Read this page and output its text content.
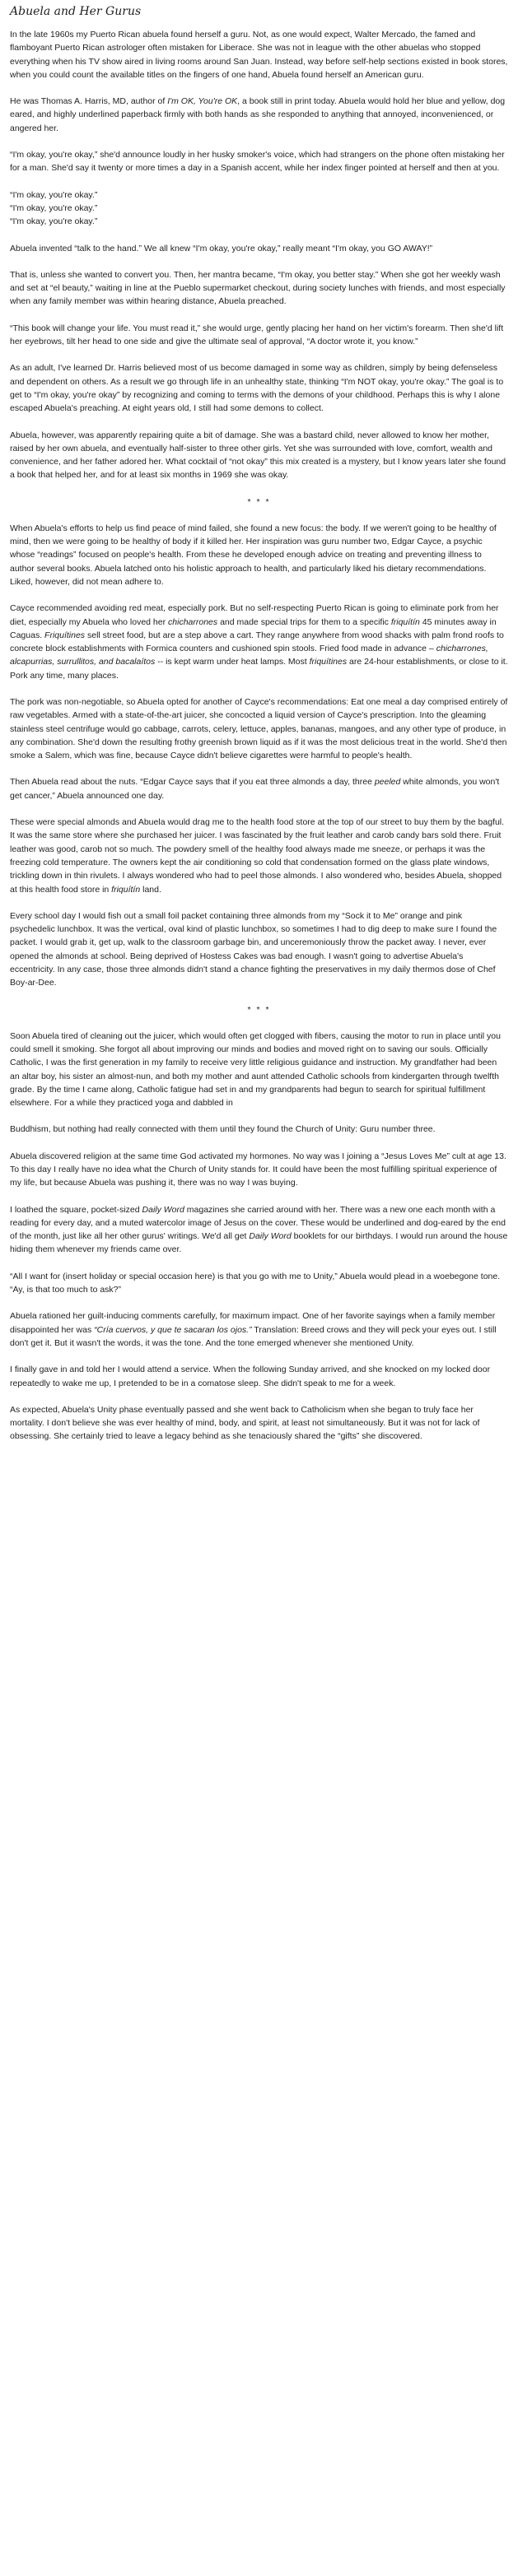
Abuela and Her Gurus

In the late 1960s my Puerto Rican abuela found herself a guru. Not, as one would expect, Walter Mercado, the famed and flamboyant Puerto Rican astrologer often mistaken for Liberace. She was not in league with the other abuelas who stopped everything when his TV show aired in living rooms around San Juan. Instead, way before self-help sections existed in book stores, when you could count the available titles on the fingers of one hand, Abuela found herself an American guru.

He was Thomas A. Harris, MD, author of I'm OK, You're OK, a book still in print today. Abuela would hold her blue and yellow, dog eared, and highly underlined paperback firmly with both hands as she responded to anything that annoyed, inconvenienced, or angered her.

“I'm okay, you're okay,” she'd announce loudly in her husky smoker's voice, which had strangers on the phone often mistaking her for a man. She'd say it twenty or more times a day in a Spanish accent, while her index finger pointed at herself and then at you.

“I'm okay, you're okay.”

“I'm okay, you're okay.”

“I'm okay, you're okay.”

Abuela invented “talk to the hand.” We all knew “I'm okay, you're okay,” really meant “I'm okay, you GO AWAY!”

That is, unless she wanted to convert you. Then, her mantra became, “I'm okay, you better stay.” When she got her weekly wash and set at “el beauty,” waiting in line at the Pueblo supermarket checkout, during society lunches with friends, and most especially when any family member was within hearing distance, Abuela preached.

“This book will change your life. You must read it,” she would urge, gently placing her hand on her victim's forearm. Then she'd lift her eyebrows, tilt her head to one side and give the ultimate seal of approval, “A doctor wrote it, you know.”

As an adult, I've learned Dr. Harris believed most of us become damaged in some way as children, simply by being defenseless and dependent on others. As a result we go through life in an unhealthy state, thinking “I'm NOT okay, you're okay.” The goal is to get to “I'm okay, you're okay” by recognizing and coming to terms with the demons of your childhood. Perhaps this is why I alone escaped Abuela's preaching. At eight years old, I still had some demons to collect.

Abuela, however, was apparently repairing quite a bit of damage. She was a bastard child, never allowed to know her mother, raised by her own abuela, and eventually half-sister to three other girls. Yet she was surrounded with love, comfort, wealth and convenience, and her father adored her. What cocktail of “not okay” this mix created is a mystery, but I know years later she found a book that helped her, and for at least six months in 1969 she was okay.

* * *

When Abuela's efforts to help us find peace of mind failed, she found a new focus: the body. If we weren't going to be healthy of mind, then we were going to be healthy of body if it killed her. Her inspiration was guru number two, Edgar Cayce, a psychic whose “readings” focused on people's health. From these he developed enough advice on treating and preventing illness to author several books. Abuela latched onto his holistic approach to health, and particularly liked his dietary recommendations. Liked, however, did not mean adhere to.

Cayce recommended avoiding red meat, especially pork. But no self-respecting Puerto Rican is going to eliminate pork from her diet, especially my Abuela who loved her chicharrones and made special trips for them to a specific friquítín 45 minutes away in Caguas. Friquítines sell street food, but are a step above a cart. They range anywhere from wood shacks with palm frond roofs to concrete block establishments with Formica counters and cushioned spin stools. Fried food made in advance – chicharrones, alcapurrias, surrullitos, and bacalaítos -- is kept warm under heat lamps. Most friquítines are 24-hour establishments, or close to it. Pork any time, many places.

The pork was non-negotiable, so Abuela opted for another of Cayce's recommendations: Eat one meal a day comprised entirely of raw vegetables. Armed with a state-of-the-art juicer, she concocted a liquid version of Cayce's prescription. Into the gleaming stainless steel centrifuge would go cabbage, carrots, celery, lettuce, apples, bananas, mangoes, and any other type of produce, in any combination. She'd down the resulting frothy greenish brown liquid as if it was the most delicious treat in the world. She'd then smoke a Salem, which was fine, because Cayce didn't believe cigarettes were harmful to people's health.

Then Abuela read about the nuts. “Edgar Cayce says that if you eat three almonds a day, three peeled white almonds, you won't get cancer,” Abuela announced one day.

These were special almonds and Abuela would drag me to the health food store at the top of our street to buy them by the bagful. It was the same store where she purchased her juicer. I was fascinated by the fruit leather and carob candy bars sold there. Fruit leather was good, carob not so much. The powdery smell of the healthy food always made me sneeze, or perhaps it was the freezing cold temperature. The owners kept the air conditioning so cold that condensation formed on the glass plate windows, trickling down in thin rivulets. I always wondered who had to peel those almonds. I also wondered who, besides Abuela, shopped at this health food store in friquítín land.

Every school day I would fish out a small foil packet containing three almonds from my “Sock it to Me” orange and pink psychedelic lunchbox. It was the vertical, oval kind of plastic lunchbox, so sometimes I had to dig deep to make sure I found the packet. I would grab it, get up, walk to the classroom garbage bin, and unceremoniously throw the packet away. I never, ever opened the almonds at school. Being deprived of Hostess Cakes was bad enough. I wasn't going to advertise Abuela's eccentricity. In any case, those three almonds didn't stand a chance fighting the preservatives in my daily thermos dose of Chef Boy-ar-Dee.

* * *

Soon Abuela tired of cleaning out the juicer, which would often get clogged with fibers, causing the motor to run in place until you could smell it smoking. She forgot all about improving our minds and bodies and moved right on to saving our souls. Officially Catholic, I was the first generation in my family to receive very little religious guidance and instruction. My grandfather had been an altar boy, his sister an almost-nun, and both my mother and aunt attended Catholic schools from kindergarten through twelfth grade. By the time I came along, Catholic fatigue had set in and my grandparents had begun to search for spiritual fulfillment elsewhere. For a while they practiced yoga and dabbled in

Buddhism, but nothing had really connected with them until they found the Church of Unity: Guru number three.

Abuela discovered religion at the same time God activated my hormones. No way was I joining a “Jesus Loves Me” cult at age 13. To this day I really have no idea what the Church of Unity stands for. It could have been the most fulfilling spiritual experience of my life, but because Abuela was pushing it, there was no way I was buying.

I loathed the square, pocket-sized Daily Word magazines she carried around with her. There was a new one each month with a reading for every day, and a muted watercolor image of Jesus on the cover. These would be underlined and dog-eared by the end of the month, just like all her other gurus' writings. We'd all get Daily Word booklets for our birthdays. I would run around the house hiding them whenever my friends came over.

“All I want for (insert holiday or special occasion here) is that you go with me to Unity,” Abuela would plead in a woebegone tone. “Ay, is that too much to ask?”

Abuela rationed her guilt-inducing comments carefully, for maximum impact. One of her favorite sayings when a family member disappointed her was “Cría cuervos, y que te sacaran los ojos.” Translation: Breed crows and they will peck your eyes out. I still don't get it. But it wasn't the words, it was the tone. And the tone emerged whenever she mentioned Unity.

I finally gave in and told her I would attend a service. When the following Sunday arrived, and she knocked on my locked door repeatedly to wake me up, I pretended to be in a comatose sleep. She didn't speak to me for a week.

As expected, Abuela's Unity phase eventually passed and she went back to Catholicism when she began to truly face her mortality. I don't believe she was ever healthy of mind, body, and spirit, at least not simultaneously. But it was not for lack of obsessing. She certainly tried to leave a legacy behind as she tenaciously shared the “gifts” she discovered.
